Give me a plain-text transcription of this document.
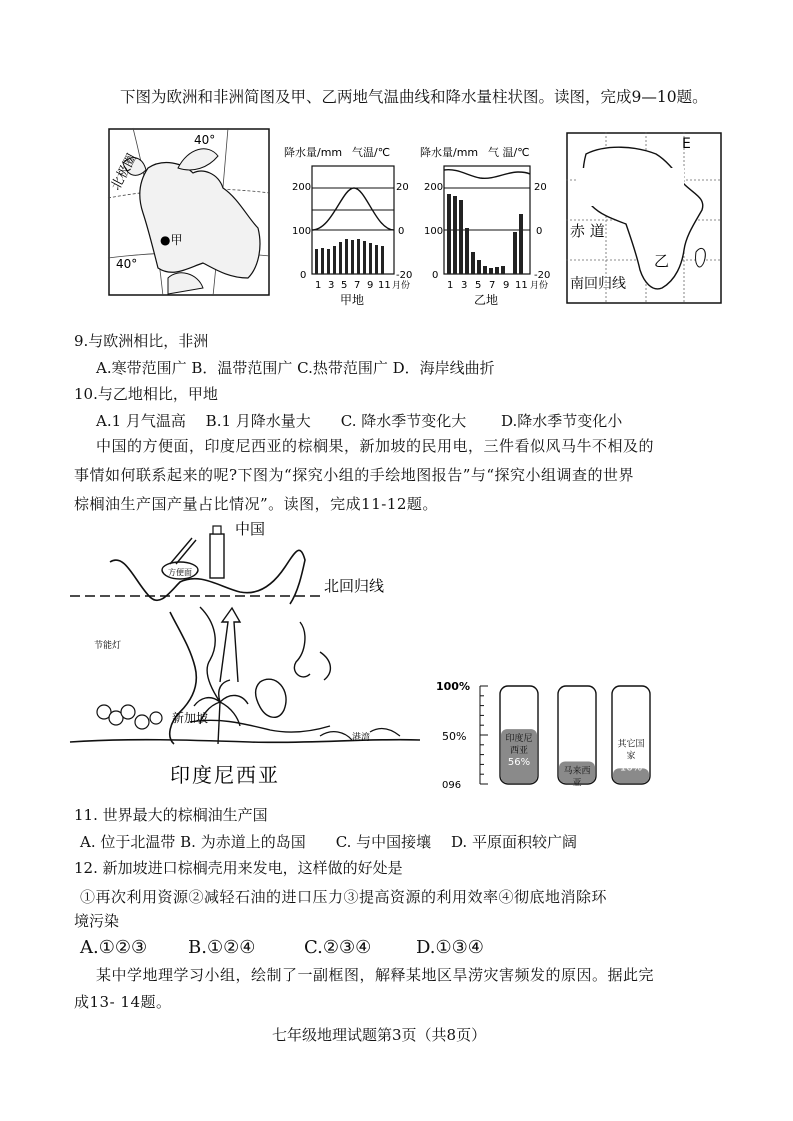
下图为欧洲和非洲简图及甲、乙两地气温曲线和降水量柱状图。读图，完成9—10题。
40°
北极圈
●甲
40°
降水量/mm 气温/℃
200
100
0
20
0
-20
1 3 5 7 9 11 月份
甲地
降水量/mm 气 温/℃
200
100
0
20
0
-20
1 3 5 7 9 11 月份
乙地
E
赤 道
乙
南回归线
9.与欧洲相比，非洲
A.寒带范围广 B．温带范围广 C.热带范围广 D．海岸线曲折
10.与乙地相比，甲地
A.1 月气温高　 B.1 月降水量大　　C. 降水季节变化大　　 D.降水季节变化小
中国的方便面，印度尼西亚的棕榈果，新加坡的民用电，三件看似风马牛不相及的
事情如何联系起来的呢?下图为“探究小组的手绘地图报告”与“探究小组调查的世界
棕榈油生产国产量占比情况”。读图，完成11-12题。
北回归线
方便面
中国
节能灯
新加坡
港湾
印度尼西亚
100%
50%
096
印度尼
西亚
56%
马来西
亚
23%
其它国
家
16%
11. 世界最大的棕榈油生产国
A. 位于北温带 B. 为赤道上的岛国　　C. 与中国接壤　 D. 平原面积较广阔
12. 新加坡进口棕榈壳用来发电，这样做的好处是
①再次利用资源②减轻石油的进口压力③提高资源的利用效率④彻底地消除环
境污染
A.①②③ B.①②④	C.②③④ D.①③④
某中学地理学习小组，绘制了一副框图，解释某地区旱涝灾害频发的原因。据此完
成13- 14题。
七年级地理试题第3页（共8页）
